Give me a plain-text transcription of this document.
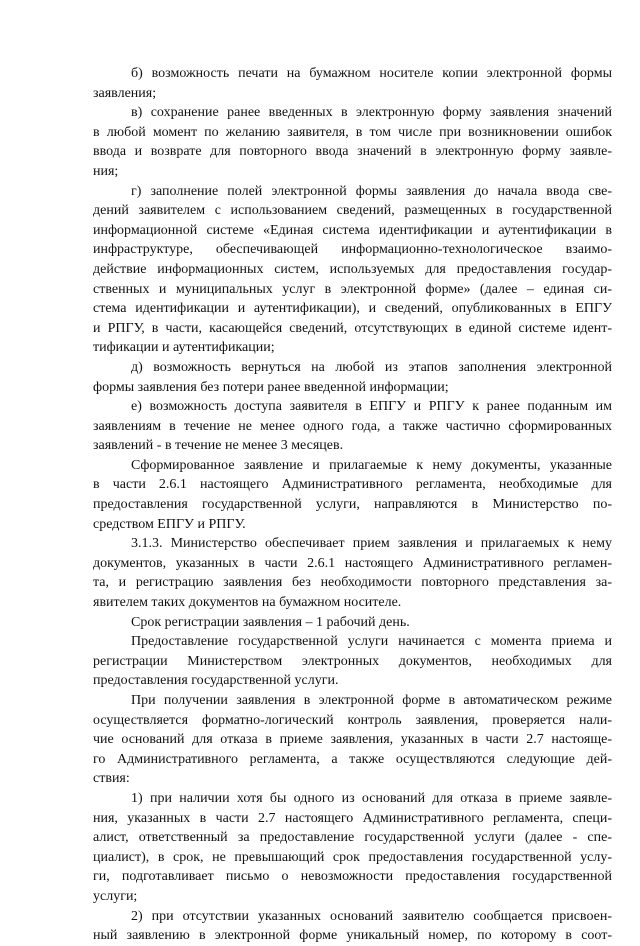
б) возможность печати на бумажном носителе копии электронной формы
заявления;
в) сохранение ранее введенных в электронную форму заявления значений
в любой момент по желанию заявителя, в том числе при возникновении ошибок
ввода и возврате для повторного ввода значений в электронную форму заявле-
ния;
г) заполнение полей электронной формы заявления до начала ввода све-
дений заявителем с использованием сведений, размещенных в государственной
информационной системе «Единая система идентификации и аутентификации в
инфраструктуре, обеспечивающей информационно-технологическое взаимо-
действие информационных систем, используемых для предоставления государ-
ственных и муниципальных услуг в электронной форме» (далее – единая си-
стема идентификации и аутентификации), и сведений, опубликованных в ЕПГУ
и РПГУ, в части, касающейся сведений, отсутствующих в единой системе идент-
тификации и аутентификации;
д) возможность вернуться на любой из этапов заполнения электронной
формы заявления без потери ранее введенной информации;
е) возможность доступа заявителя в ЕПГУ и РПГУ к ранее поданным им
заявлениям в течение не менее одного года, а также частично сформированных
заявлений - в течение не менее 3 месяцев.
Сформированное заявление и прилагаемые к нему документы, указанные
в части 2.6.1 настоящего Административного регламента, необходимые для
предоставления государственной услуги, направляются в Министерство по-
средством ЕПГУ и РПГУ.
3.1.3. Министерство обеспечивает прием заявления и прилагаемых к нему
документов, указанных в части 2.6.1 настоящего Административного регламен-
та, и регистрацию заявления без необходимости повторного представления за-
явителем таких документов на бумажном носителе.
Срок регистрации заявления – 1 рабочий день.
Предоставление государственной услуги начинается с момента приема и
регистрации Министерством электронных документов, необходимых для
предоставления государственной услуги.
При получении заявления в электронной форме в автоматическом режиме
осуществляется форматно-логический контроль заявления, проверяется нали-
чие оснований для отказа в приеме заявления, указанных в части 2.7 настояще-
го Административного регламента, а также осуществляются следующие дей-
ствия:
1) при наличии хотя бы одного из оснований для отказа в приеме заявле-
ния, указанных в части 2.7 настоящего Административного регламента, специ-
алист, ответственный за предоставление государственной услуги (далее - спе-
циалист), в срок, не превышающий срок предоставления государственной услу-
ги, подготавливает письмо о невозможности предоставления государственной
услуги;
2) при отсутствии указанных оснований заявителю сообщается присвоен-
ный заявлению в электронной форме уникальный номер, по которому в соот-
